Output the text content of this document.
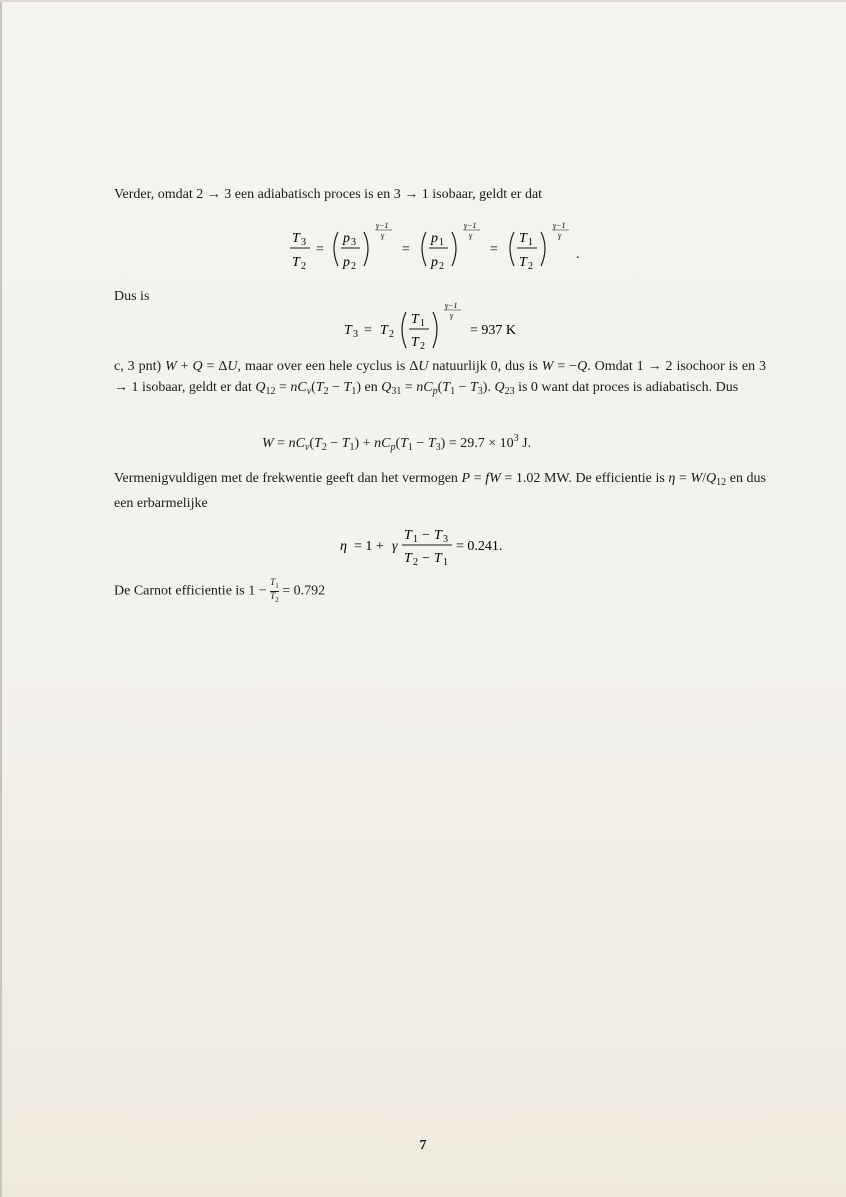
Verder, omdat 2 → 3 een adiabatisch proces is en 3 → 1 isobaar, geldt er dat
T 3
T 2
=
p 3
p 2
γ−1
γ
=
p 1
p 2
γ−1
γ
=
T 1
T 2
γ−1
γ
.
Dus is
T 3 = T 2
T 1
T 2
γ−1
γ
= 937 K
c, 3 pnt) W + Q = ΔU, maar over een hele cyclus is ΔU natuurlijk 0, dus is W = −Q. Omdat 1 → 2 isochoor is en 3 → 1 isobaar, geldt er dat $Q_{12} = nC_v(T_2 - T_1)$ en $Q_{31} = nC_p(T_1 - T_3)$. $Q_{23}$ is 0 want dat proces is adiabatisch. Dus
$W = nC_v(T_2 - T_1) + nC_p(T_1 - T_3) = 29.7 \times 10^3$ J.
Vermenigvuldigen met de frekwentie geeft dan het vermogen P = fW = 1.02 MW. De efficientie is $\eta = W/Q_{12}$ en dus een erbarmelijke
η = 1 + γ
T 1 − T 3
T 2 − T 1
= 0.241.
De Carnot efficientie is $1 - \frac{T_1}{T_2} = 0.792$
7
